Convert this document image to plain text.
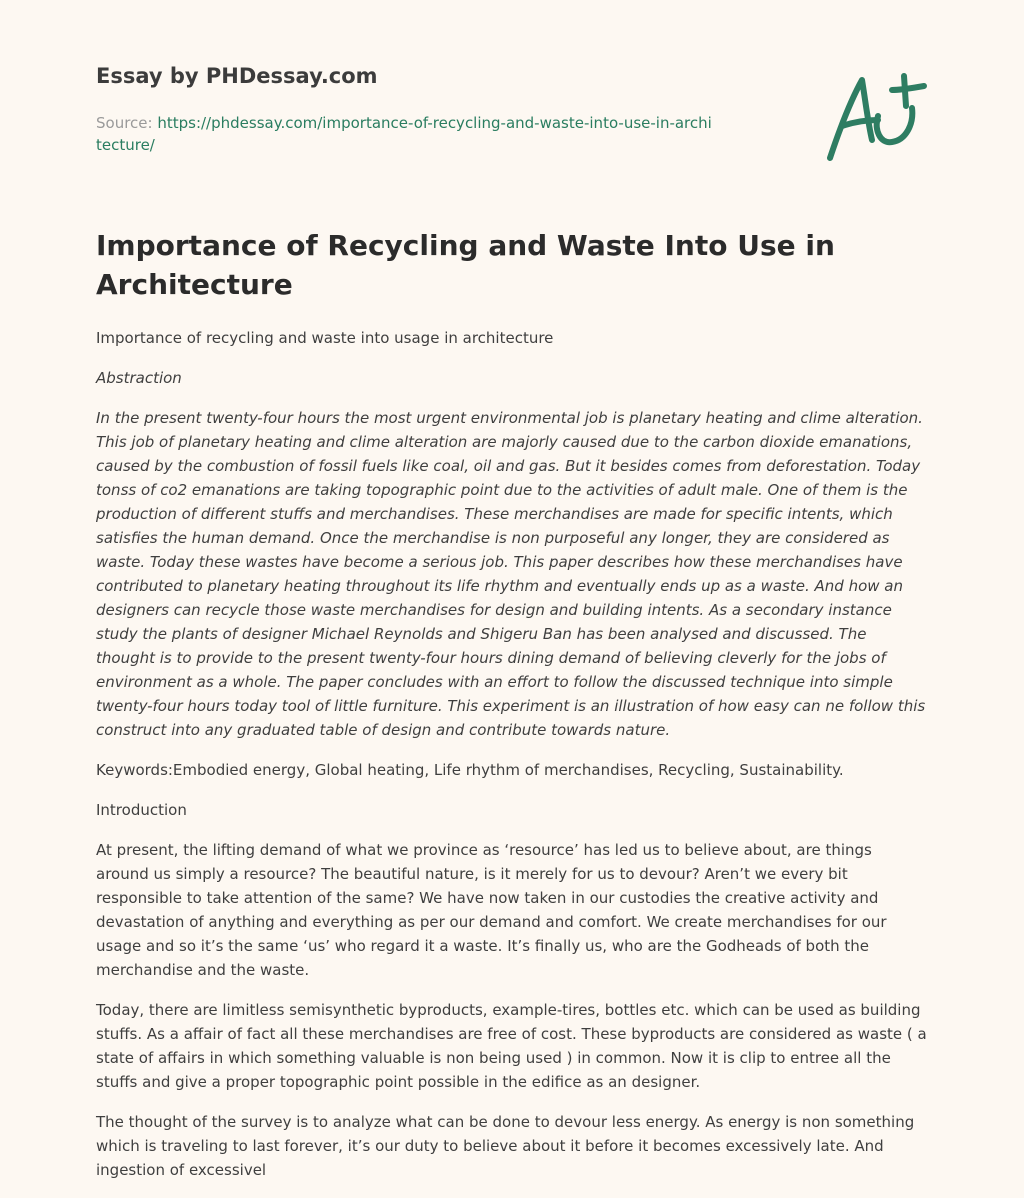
Essay by PHDessay.com
Source: https://phdessay.com/importance-of-recycling-and-waste-into-use-in-architecture/
Importance of Recycling and Waste Into Use in Architecture

Importance of recycling and waste into usage in architecture

Abstraction

In the present twenty-four hours the most urgent environmental job is planetary heating and clime alteration. This job of planetary heating and clime alteration are majorly caused due to the carbon dioxide emanations, caused by the combustion of fossil fuels like coal, oil and gas. But it besides comes from deforestation. Today tonss of co2 emanations are taking topographic point due to the activities of adult male. One of them is the production of different stuffs and merchandises. These merchandises are made for specific intents, which satisfies the human demand. Once the merchandise is non purposeful any longer, they are considered as waste. Today these wastes have become a serious job. This paper describes how these merchandises have contributed to planetary heating throughout its life rhythm and eventually ends up as a waste. And how an designers can recycle those waste merchandises for design and building intents. As a secondary instance study the plants of designer Michael Reynolds and Shigeru Ban has been analysed and discussed. The thought is to provide to the present twenty-four hours dining demand of believing cleverly for the jobs of environment as a whole. The paper concludes with an effort to follow the discussed technique into simple twenty-four hours today tool of little furniture. This experiment is an illustration of how easy can ne follow this construct into any graduated table of design and contribute towards nature.

Keywords:Embodied energy, Global heating, Life rhythm of merchandises, Recycling, Sustainability.

Introduction

At present, the lifting demand of what we province as ‘resource’ has led us to believe about, are things around us simply a resource? The beautiful nature, is it merely for us to devour? Aren’t we every bit responsible to take attention of the same? We have now taken in our custodies the creative activity and devastation of anything and everything as per our demand and comfort. We create merchandises for our usage and so it’s the same ‘us’ who regard it a waste. It’s finally us, who are the Godheads of both the merchandise and the waste.

Today, there are limitless semisynthetic byproducts, example-tires, bottles etc. which can be used as building stuffs. As a affair of fact all these merchandises are free of cost. These byproducts are considered as waste ( a state of affairs in which something valuable is non being used ) in common. Now it is clip to entree all the stuffs and give a proper topographic point possible in the edifice as an designer.

The thought of the survey is to analyze what can be done to devour less energy. As energy is non something which is traveling to last forever, it’s our duty to believe about it before it becomes excessively late. And ingestion of excessivel
